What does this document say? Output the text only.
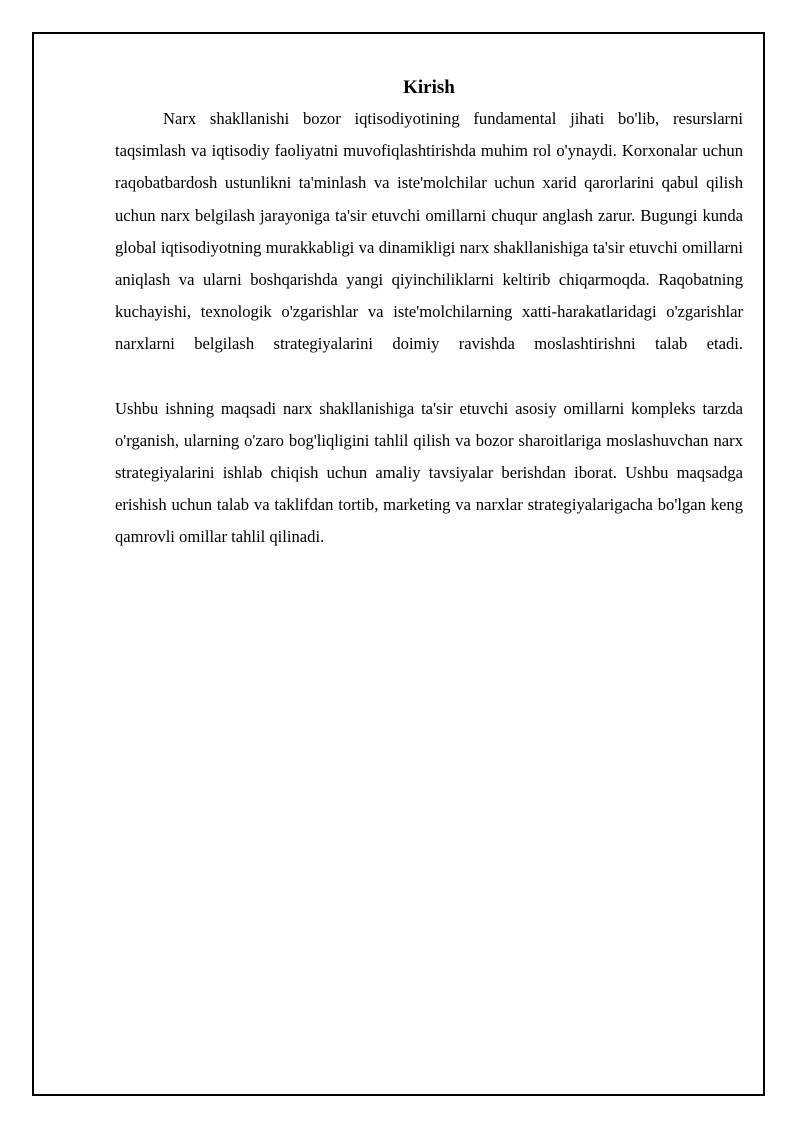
Kirish

Narx shakllanishi bozor iqtisodiyotining fundamental jihati bo'lib, resurslarni taqsimlash va iqtisodiy faoliyatni muvofiqlashtirishda muhim rol o'ynaydi. Korxonalar uchun raqobatbardosh ustunlikni ta'minlash va iste'molchilar uchun xarid qarorlarini qabul qilish uchun narx belgilash jarayoniga ta'sir etuvchi omillarni chuqur anglash zarur. Bugungi kunda global iqtisodiyotning murakkabligi va dinamikligi narx shakllanishiga ta'sir etuvchi omillarni aniqlash va ularni boshqarishda yangi qiyinchiliklarni keltirib chiqarmoqda. Raqobatning kuchayishi, texnologik o'zgarishlar va iste'molchilarning xatti-harakatlaridagi o'zgarishlar narxlarni belgilash strategiyalarini doimiy ravishda moslashtirishni talab etadi.

Ushbu ishning maqsadi narx shakllanishiga ta'sir etuvchi asosiy omillarni kompleks tarzda o'rganish, ularning o'zaro bog'liqligini tahlil qilish va bozor sharoitlariga moslashuvchan narx strategiyalarini ishlab chiqish uchun amaliy tavsiyalar berishdan iborat. Ushbu maqsadga erishish uchun talab va taklifdan tortib, marketing va narxlar strategiyalarigacha bo'lgan keng qamrovli omillar tahlil qilinadi.
